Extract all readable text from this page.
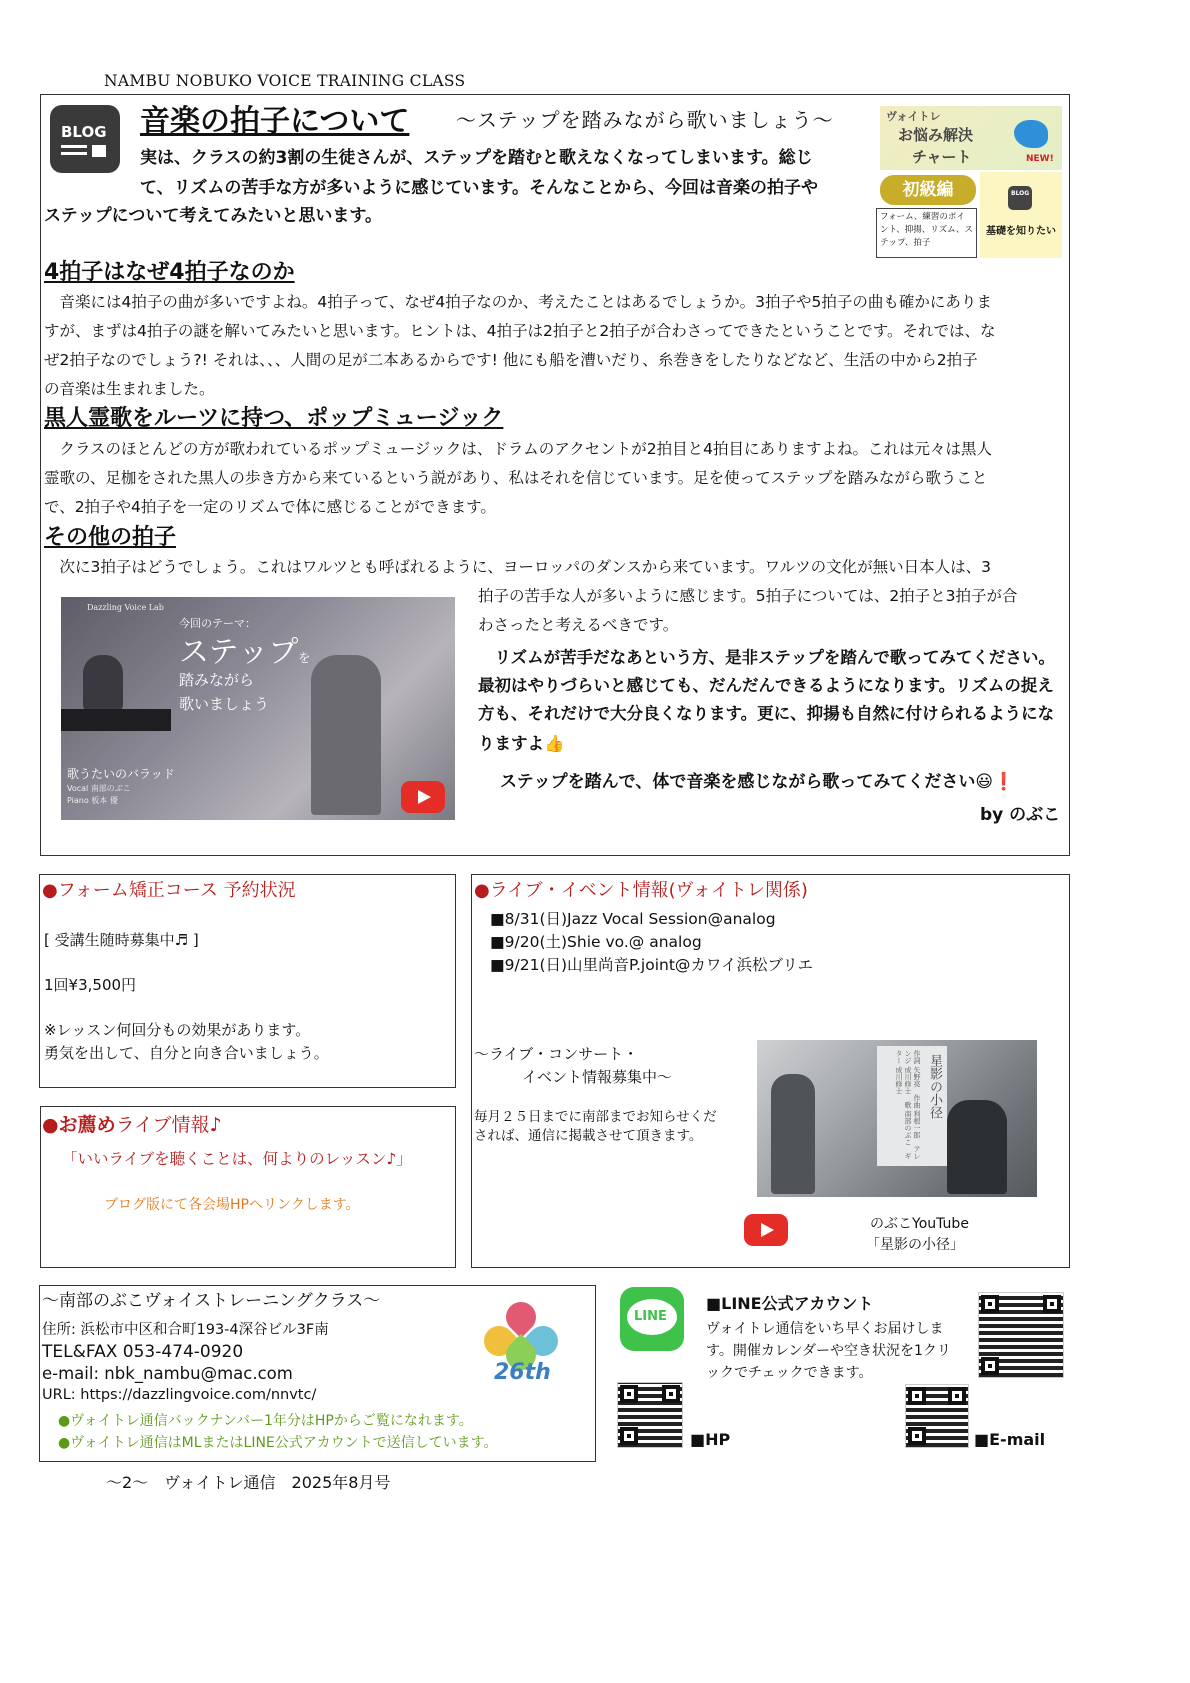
NAMBU NOBUKO VOICE TRAINING CLASS
BLOG 音楽の拍子について 〜ステップを踏みながら歌いましょう〜
実は、クラスの約3割の生徒さんが、ステップを踏むと歌えなくなってしまいます。総じ
て、リズムの苦手な方が多いように感じています。そんなことから、今回は音楽の拍子や
ステップについて考えてみたいと思います。
ヴォイトレ
お悩み解決
チャート	NEW!
初級編
フォーム、練習のポイント、抑揚、リズム、ステップ、拍子
BLOG
基礎を知りたい
4拍子はなぜ4拍子なのか
　音楽には4拍子の曲が多いですよね。4拍子って、なぜ4拍子なのか、考えたことはあるでしょうか。3拍子や5拍子の曲も確かにありま
すが、まずは4拍子の謎を解いてみたいと思います。ヒントは、4拍子は2拍子と2拍子が合わさってできたということです。それでは、な
ぜ2拍子なのでしょう?! それは、、、人間の足が二本あるからです! 他にも船を漕いだり、糸巻きをしたりなどなど、生活の中から2拍子
の音楽は生まれました。
黒人霊歌をルーツに持つ、ポップミュージック
　クラスのほとんどの方が歌われているポップミュージックは、ドラムのアクセントが2拍目と4拍目にありますよね。これは元々は黒人
霊歌の、足枷をされた黒人の歩き方から来ているという説があり、私はそれを信じています。足を使ってステップを踏みながら歌うこと
で、2拍子や4拍子を一定のリズムで体に感じることができます。
その他の拍子
　次に3拍子はどうでしょう。これはワルツとも呼ばれるように、ヨーロッパのダンスから来ています。ワルツの文化が無い日本人は、3
拍子の苦手な人が多いように感じます。5拍子については、2拍子と3拍子が合
わさったと考えるべきです。
　リズムが苦手だなあという方、是非ステップを踏んで歌ってみてください。
最初はやりづらいと感じても、だんだんできるようになります。リズムの捉え
方も、それだけで大分良くなります。更に、抑揚も自然に付けられるようにな
りますよ👍
ステップを踏んで、体で音楽を感じながら歌ってみてください😃❗
by のぶこ
Dazzling Voice Lab
今回のテーマ：
ステップを
踏みながら
歌いましょう
歌うたいのバラッド
Vocal 南部のぶこ
Piano 板本 優
●フォーム矯正コース 予約状況
[ 受講生随時募集中♬ ]
1回¥3,500円
※レッスン何回分もの効果があります。
勇気を出して、自分と向き合いましょう。
●ライブ・イベント情報(ヴォイトレ関係)
■8/31(日)Jazz Vocal Session@analog
■9/20(土)Shie vo.@ analog
■9/21(日)山里尚音P.joint@カワイ浜松ブリエ
〜ライブ・コンサート・
イベント情報募集中〜
毎月２５日までに南部までお知らせくだされば、通信に掲載させて頂きます。
星影の小径
作詞 矢野亮　作曲 利根一郎　アレンジ 成川修士　歌 南部のぶこ　ギター 成川修士
のぶこYouTube
「星影の小径」
●お薦めライブ情報♪
「いいライブを聴くことは、何よりのレッスン♪」
ブログ版にて各会場HPへリンクします。
〜南部のぶこヴォイストレーニングクラス〜
住所: 浜松市中区和合町193-4深谷ビル3F南
TEL&FAX 053-474-0920
e-mail: nbk_nambu@mac.com
URL: https://dazzlingvoice.com/nnvtc/
●ヴォイトレ通信バックナンバー1年分はHPからご覧になれます。
●ヴォイトレ通信はMLまたはLINE公式アカウントで送信しています。
26th
LINE
■LINE公式アカウント
ヴォイトレ通信をいち早くお届けします。開催カレンダーや空き状況を1クリックでチェックできます。
■HP	■E-mail
〜2〜　ヴォイトレ通信　2025年8月号
